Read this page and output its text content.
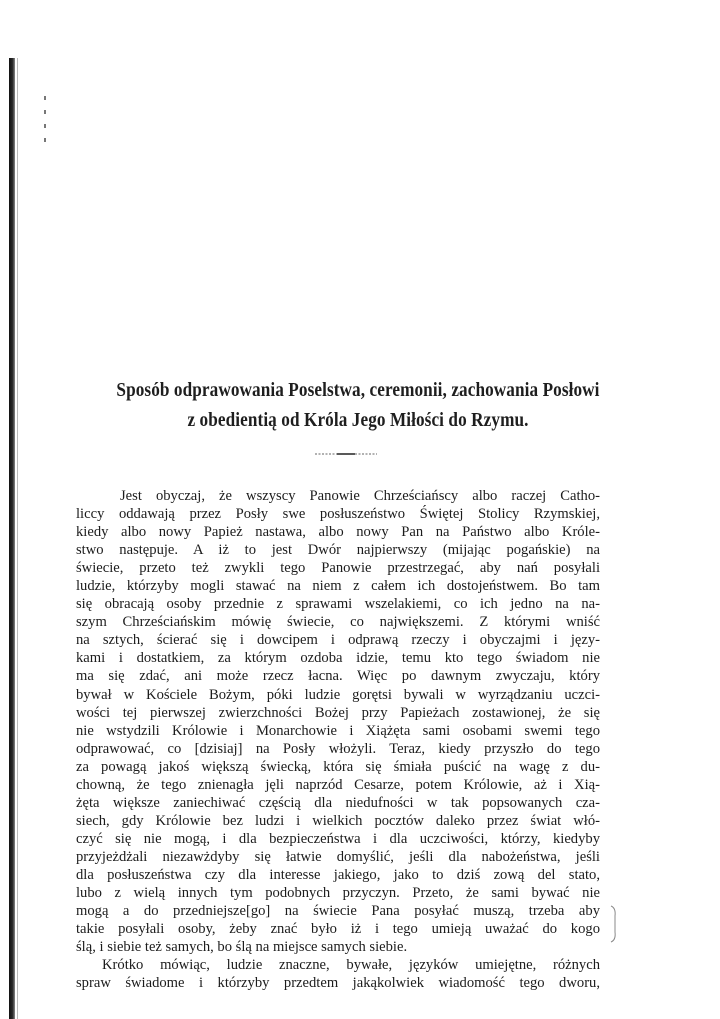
Sposób odprawowania Poselstwa, ceremonii, zachowania Posłowi
z obedientią od Króla Jego Miłości do Rzymu.
Jest obyczaj, że wszyscy Panowie Chrześciańscy albo raczej Catho-
liccy oddawają przez Posły swe posłuszeństwo Świętej Stolicy Rzymskiej,
kiedy albo nowy Papież nastawa, albo nowy Pan na Państwo albo Króle-
stwo następuje. A iż to jest Dwór najpierwszy (mijając pogańskie) na
świecie, przeto też zwykli tego Panowie przestrzegać, aby nań posyłali
ludzie, którzyby mogli stawać na niem z całem ich dostojeństwem. Bo tam
się obracają osoby przednie z sprawami wszelakiemi, co ich jedno na na-
szym Chrześciańskim mówię świecie, co największemi. Z którymi wniść
na sztych, ścierać się i dowcipem i odprawą rzeczy i obyczajmi i języ-
kami i dostatkiem, za którym ozdoba idzie, temu kto tego świadom nie
ma się zdać, ani może rzecz łacna. Więc po dawnym zwyczaju, który
bywał w Kościele Bożym, póki ludzie gorętsi bywali w wyrządzaniu uczci-
wości tej pierwszej zwierzchności Bożej przy Papieżach zostawionej, że się
nie wstydzili Królowie i Monarchowie i Xiążęta sami osobami swemi tego
odprawować, co [dzisiaj] na Posły włożyli. Teraz, kiedy przyszło do tego
za powagą jakoś większą świecką, która się śmiała puścić na wagę z du-
chowną, że tego znienagła jęli naprzód Cesarze, potem Królowie, aż i Xią-
żęta większe zaniechiwać częścią dla niedufności w tak popsowanych cza-
siech, gdy Królowie bez ludzi i wielkich pocztów daleko przez świat włó-
czyć się nie mogą, i dla bezpieczeństwa i dla uczciwości, którzy, kiedyby
przyjeżdżali niezawżdyby się łatwie domyślić, jeśli dla nabożeństwa, jeśli
dla posłuszeństwa czy dla interesse jakiego, jako to dziś zową del stato,
lubo z wielą innych tym podobnych przyczyn. Przeto, że sami bywać nie
mogą a do przedniejsze[go] na świecie Pana posyłać muszą, trzeba aby
takie posyłali osoby, żeby znać było iż i tego umieją uważać do kogo
ślą, i siebie też samych, bo ślą na miejsce samych siebie.
Krótko mówiąc, ludzie znaczne, bywałe, języków umiejętne, różnych
spraw świadome i którzyby przedtem jakąkolwiek wiadomość tego dworu,
